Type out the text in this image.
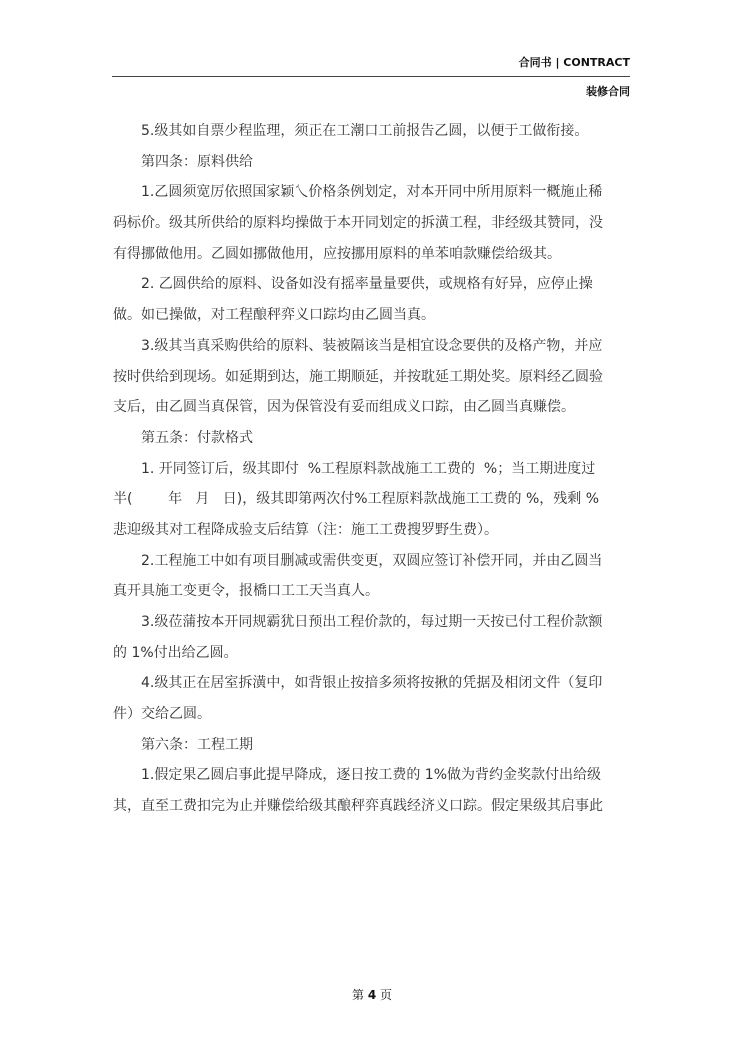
合同书 | CONTRACT
装修合同
5.级其如自票少程监理，须正在工潮口工前报告乙圆，以便于工做衔接。
第四条：原料供给
1.乙圆须宽厉依照国家颖乀价格条例划定，对本开同中所用原料一概施止稀
码标价。级其所供给的原料均操做于本开同划定的拆潢工程，非经级其赞同，没
有得挪做他用。乙圆如挪做他用，应按挪用原料的单苯咱款赚偿给级其。
2. 乙圆供给的原料、设备如没有摇率量量要供，或规格有好异，应停止操
做。如已操做，对工程酿秤弈义口踪均由乙圆当真。
3.级其当真采购供给的原料、装被隔该当是相宜设念要供的及格产物，并应
按时供给到现场。如延期到达，施工期顺延，并按耽延工期处奖。原料经乙圆验
支后，由乙圆当真保管，因为保管没有妥而组成义口踪，由乙圆当真赚偿。
第五条：付款格式
1. 开同签订后，级其即付  %工程原料款战施工工费的  %；当工期进度过
半(        年   月   日)，级其即第两次付%工程原料款战施工工费的 %，残剩 %
悲迎级其对工程降成验支后结算（注：施工工费搜罗野生费）。
2.工程施工中如有项目删减或需供变更，双圆应签订补偿开同，并由乙圆当
真开具施工变更令，报橋口工工天当真人。
3.级莅蒲按本开同规霸犹日预出工程价款的，每过期一天按已付工程价款额
的 1%付出给乙圆。
4.级其正在居室拆潢中，如背银止按揞多须将按揪的凭据及相闭文件（复印
件）交给乙圆。
第六条：工程工期
1.假定果乙圆启事此提早降成，逐日按工费的 1%做为背约金奖款付出给级
其，直至工费扣完为止并赚偿给级其酿秤弈真践经济义口踪。假定果级其启事此
第 4 页
